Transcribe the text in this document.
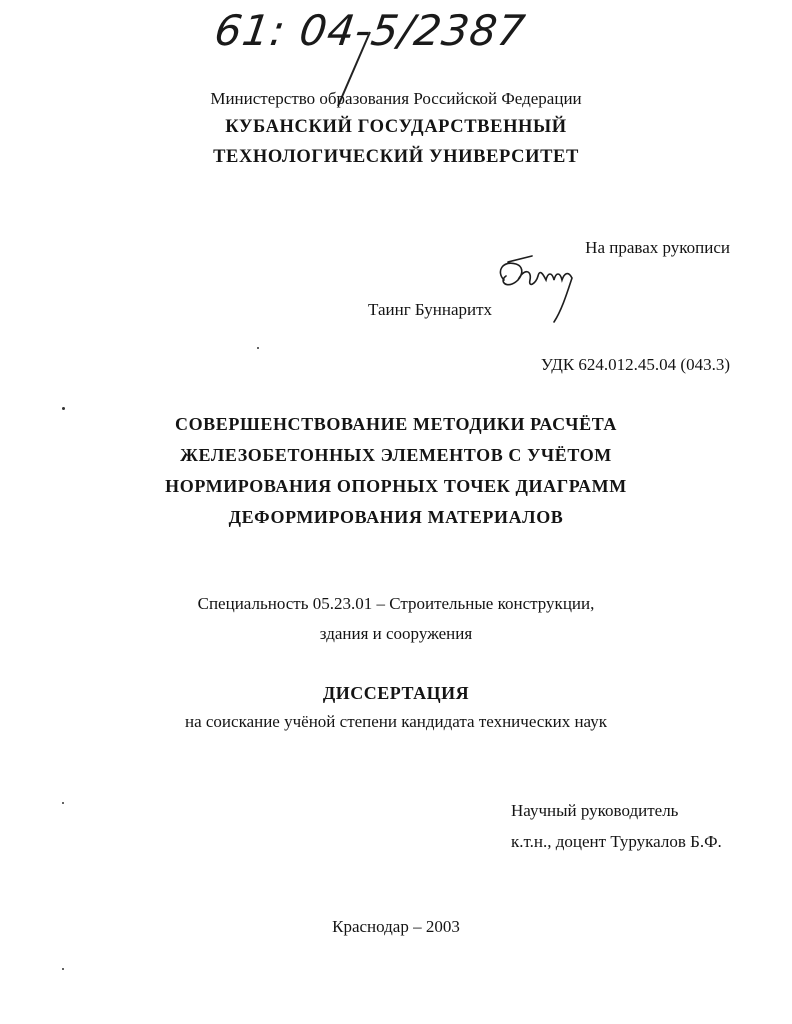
61: 04-5/2387
Министерство образования Российской Федерации
КУБАНСКИЙ ГОСУДАРСТВЕННЫЙ
ТЕХНОЛОГИЧЕСКИЙ УНИВЕРСИТЕТ
На правах рукописи
Таинг Буннаритх
УДК 624.012.45.04 (043.3)
СОВЕРШЕНСТВОВАНИЕ МЕТОДИКИ РАСЧЁТА
ЖЕЛЕЗОБЕТОННЫХ ЭЛЕМЕНТОВ С УЧЁТОМ
НОРМИРОВАНИЯ ОПОРНЫХ ТОЧЕК ДИАГРАММ
ДЕФОРМИРОВАНИЯ МАТЕРИАЛОВ
Специальность 05.23.01 – Строительные конструкции,
здания и сооружения
ДИССЕРТАЦИЯ
на соискание учёной степени кандидата технических наук
Научный руководитель
к.т.н., доцент Турукалов Б.Ф.
Краснодар – 2003
